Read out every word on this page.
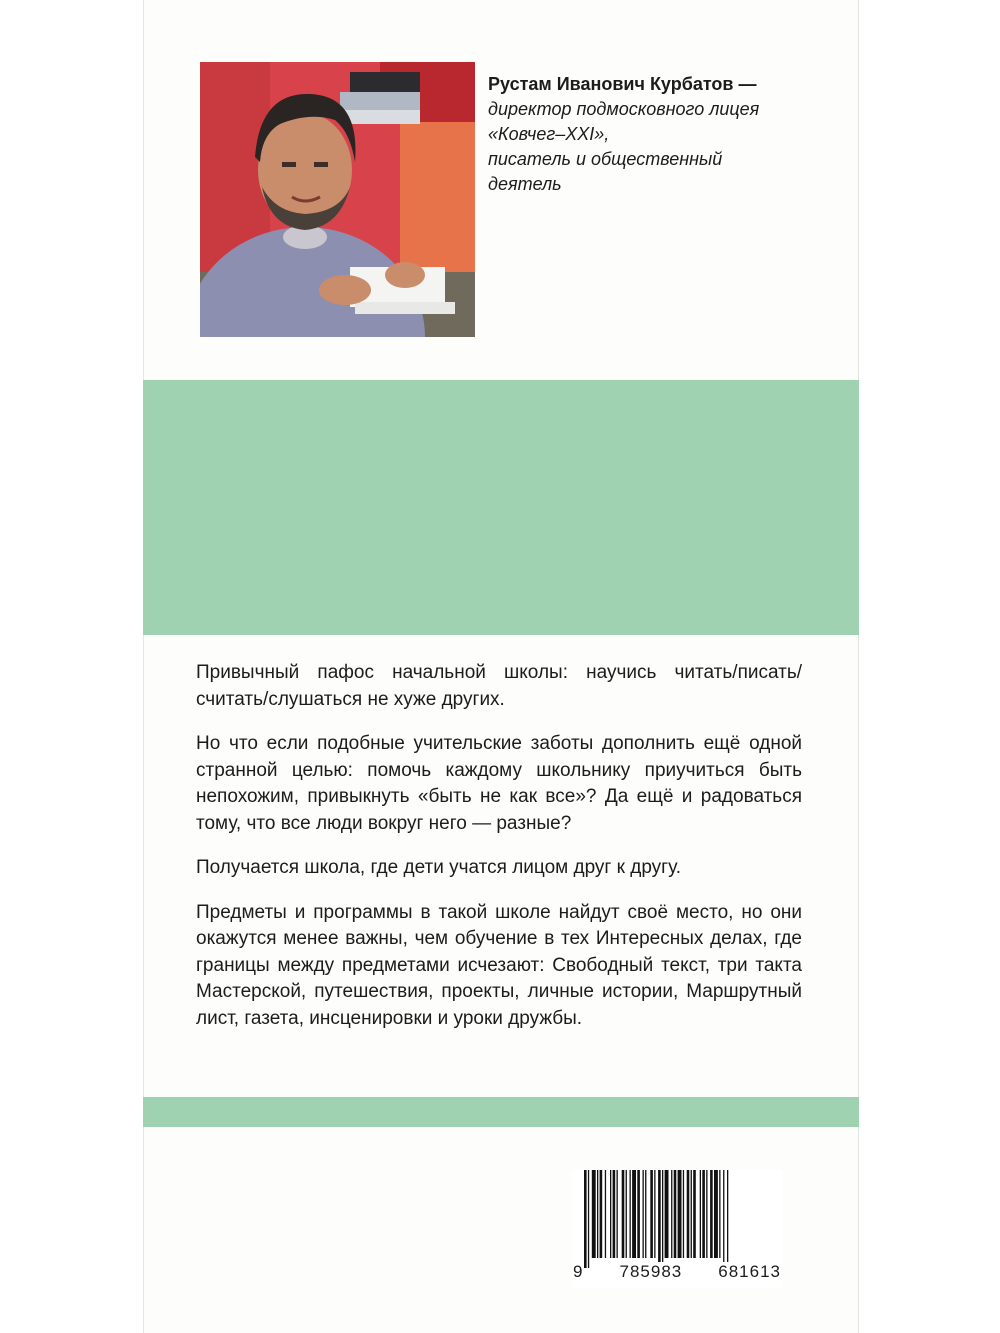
Рустам Иванович Курбатов —

директор подмосковного лицея
«Ковчег–XXI»,
писатель и общественный
деятель

Привычный пафос начальной школы: научись читать/писать/считать/слушаться не хуже других.

Но что если подобные учительские заботы дополнить ещё одной странной целью: помочь каждому школьнику приучиться быть непохожим, привыкнуть «быть не как все»? Да ещё и радоваться тому, что все люди вокруг него — разные?

Получается школа, где дети учатся лицом друг к другу.

Предметы и программы в такой школе найдут своё место, но они окажутся менее важны, чем обучение в тех Интересных делах, где границы между предметами исчезают: Свободный текст, три такта Мастерской, путешествия, проекты, личные истории, Маршрутный лист, газета, инсценировки и уроки дружбы.

9 785983 681613
